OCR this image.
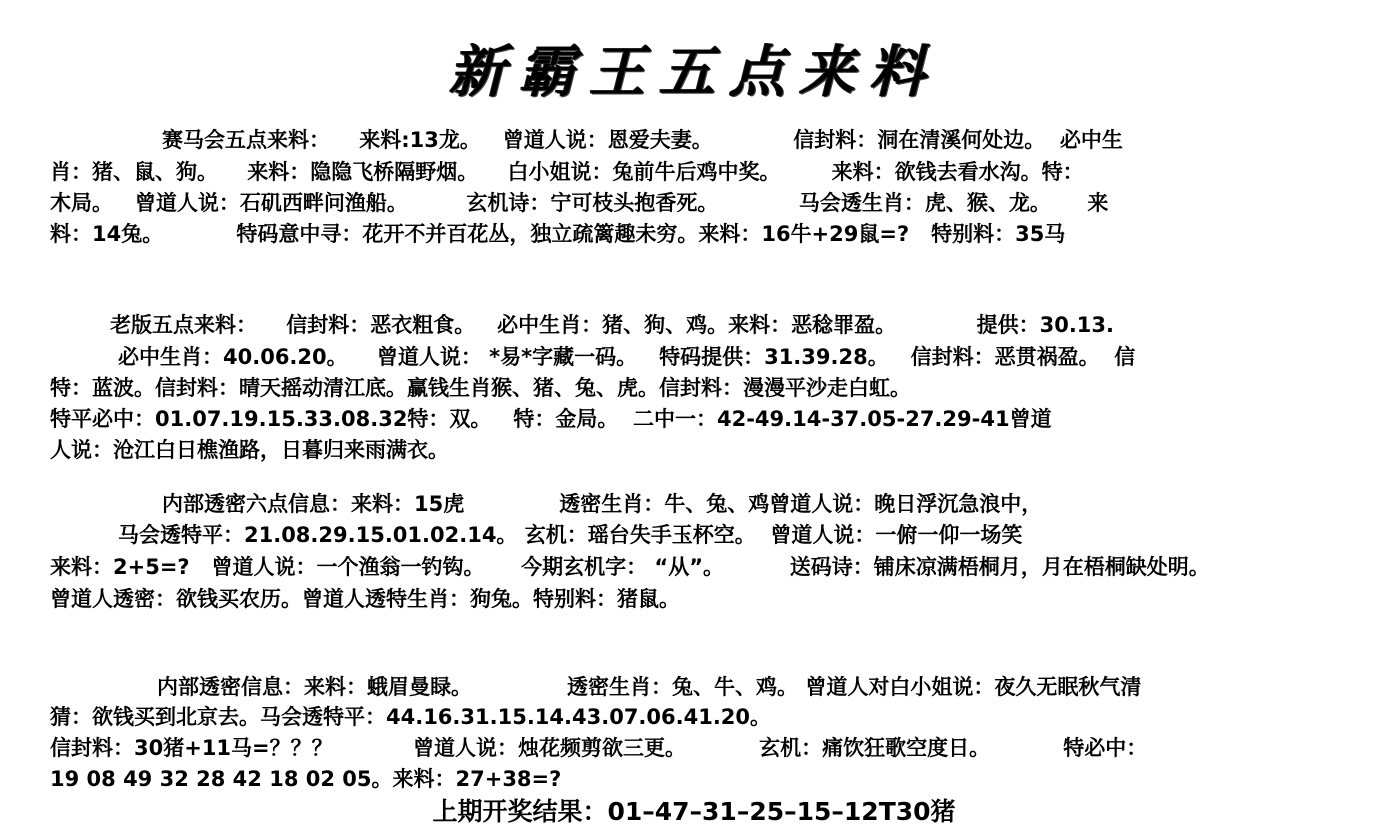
新霸王五点来料
赛马会五点来料：    来料:13龙。   曾道人说：恩爱夫妻。           信封料：洞在清溪何处边。  必中生
肖：猪、鼠、狗。    来料：隐隐飞桥隔野烟。    白小姐说：兔前牛后鸡中奖。       来料：欲钱去看水沟。特：
木局。   曾道人说：石矶西畔问渔船。        玄机诗：宁可枝头抱香死。           马会透生肖：虎、猴、龙。     来
料：14兔。          特码意中寻：花开不并百花丛，独立疏篱趣未穷。来料：16牛+29鼠=?   特别料：35马
老版五点来料：    信封料：恶衣粗食。   必中生肖：猪、狗、鸡。来料：恶稔罪盈。           提供：30.13.
必中生肖：40.06.20。    曾道人说： *易*字藏一码。   特码提供：31.39.28。   信封料：恶贯祸盈。  信
特：蓝波。信封料：晴天摇动清江底。赢钱生肖猴、猪、兔、虎。信封料：漫漫平沙走白虹。
特平必中：01.07.19.15.33.08.32特：双。   特：金局。  二中一：42-49.14-37.05-27.29-41曾道
人说：沧江白日樵渔路，日暮归来雨满衣。
内部透密六点信息：来料：15虎             透密生肖：牛、兔、鸡曾道人说：晚日浮沉急浪中，
马会透特平：21.08.29.15.01.02.14。 玄机：瑶台失手玉杯空。  曾道人说：一俯一仰一场笑
来料：2+5=?   曾道人说：一个渔翁一钓钩。     今期玄机字： “从”。         送码诗：铺床凉满梧桐月，月在梧桐缺处明。
曾道人透密：欲钱买农历。曾道人透特生肖：狗兔。特别料：猪鼠。
内部透密信息：来料：蛾眉曼睩。             透密生肖：兔、牛、鸡。 曾道人对白小姐说：夜久无眠秋气清
猜：欲钱买到北京去。马会透特平：44.16.31.15.14.43.07.06.41.20。
信封料：30猪+11马=？？？           曾道人说：烛花频剪欲三更。          玄机：痛饮狂歌空度日。          特必中：
19 08 49 32 28 42 18 02 05。来料：27+38=?
上期开奖结果：01–47–31–25–15–12T30猪
